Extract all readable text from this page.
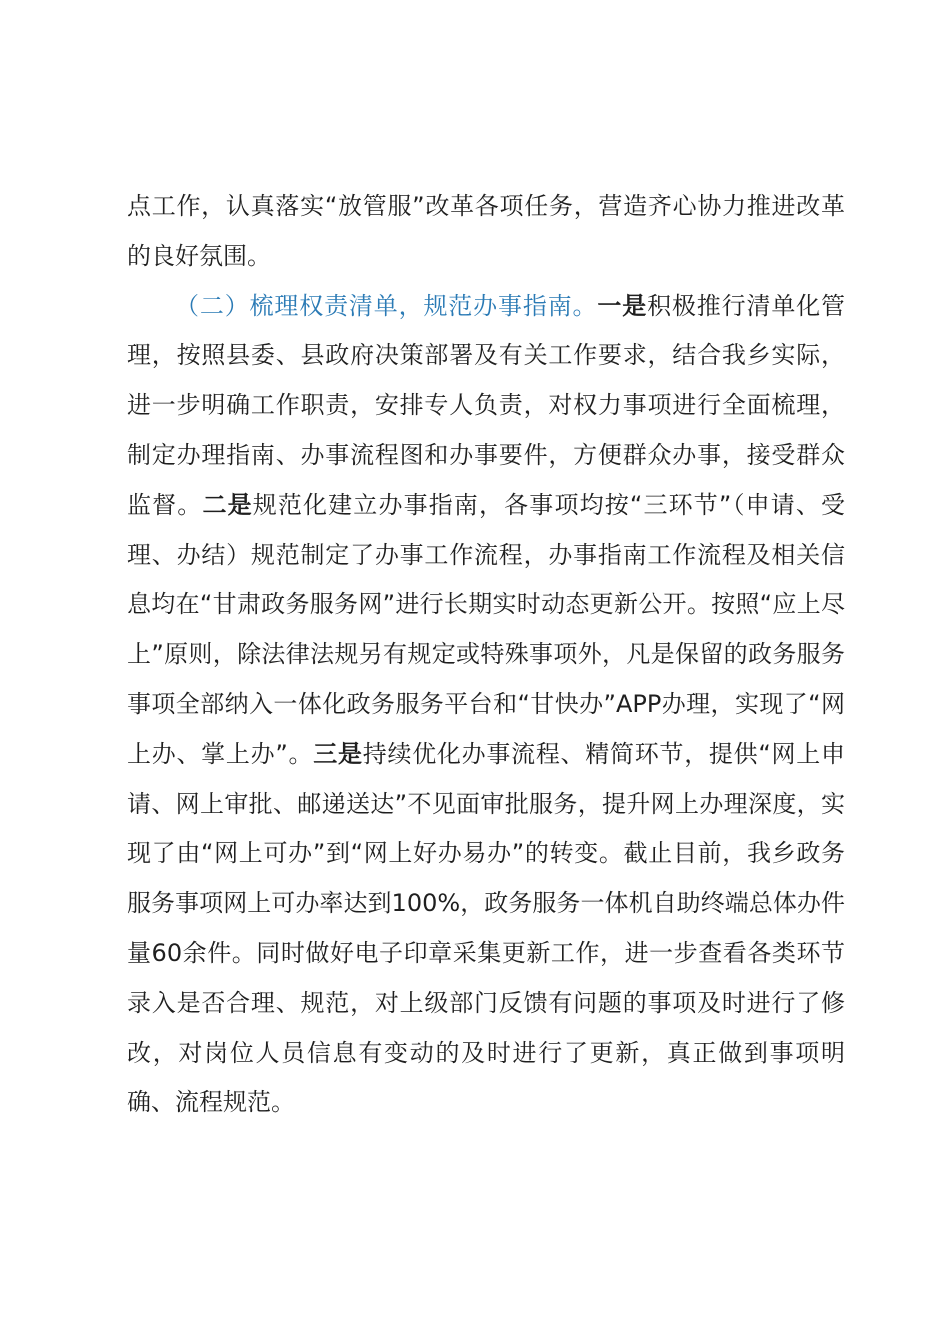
点工作，认真落实“放管服”改革各项任务，营造齐心协力推进改革的良好氛围。

（二）梳理权责清单，规范办事指南。一是积极推行清单化管理，按照县委、县政府决策部署及有关工作要求，结合我乡实际，进一步明确工作职责，安排专人负责，对权力事项进行全面梳理，制定办理指南、办事流程图和办事要件，方便群众办事，接受群众监督。二是规范化建立办事指南，各事项均按“三环节”（申请、受理、办结）规范制定了办事工作流程，办事指南工作流程及相关信息均在“甘肃政务服务网”进行长期实时动态更新公开。按照“应上尽上”原则，除法律法规另有规定或特殊事项外，凡是保留的政务服务事项全部纳入一体化政务服务平台和“甘快办”APP办理，实现了“网上办、掌上办”。三是持续优化办事流程、精简环节，提供“网上申请、网上审批、邮递送达”不见面审批服务，提升网上办理深度，实现了由“网上可办”到“网上好办易办”的转变。截止目前，我乡政务服务事项网上可办率达到100%，政务服务一体机自助终端总体办件量60余件。同时做好电子印章采集更新工作，进一步查看各类环节录入是否合理、规范，对上级部门反馈有问题的事项及时进行了修改，对岗位人员信息有变动的及时进行了更新，真正做到事项明确、流程规范。
